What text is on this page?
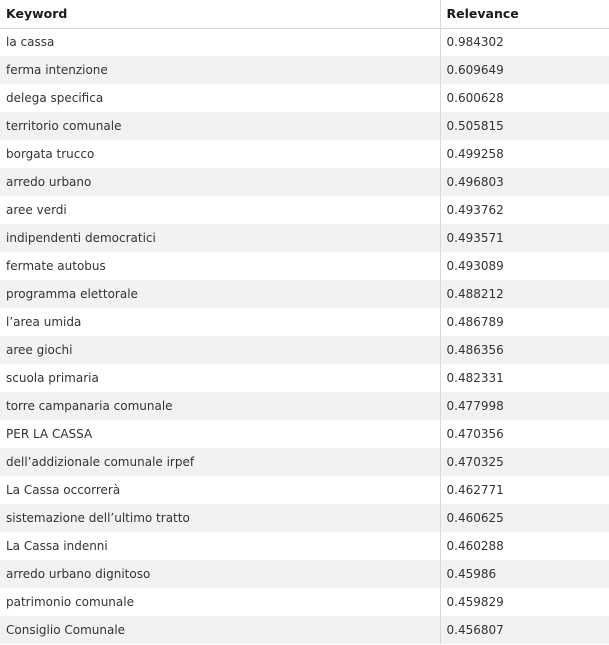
Keyword	Relevance
la cassa	0.984302
ferma intenzione	0.609649
delega specifica	0.600628
territorio comunale	0.505815
borgata trucco	0.499258
arredo urbano	0.496803
aree verdi	0.493762
indipendenti democratici	0.493571
fermate autobus	0.493089
programma elettorale	0.488212
l’area umida	0.486789
aree giochi	0.486356
scuola primaria	0.482331
torre campanaria comunale	0.477998
PER LA CASSA	0.470356
dell’addizionale comunale irpef	0.470325
La Cassa occorrerà	0.462771
sistemazione dell’ultimo tratto	0.460625
La Cassa indenni	0.460288
arredo urbano dignitoso	0.45986
patrimonio comunale	0.459829
Consiglio Comunale	0.456807
